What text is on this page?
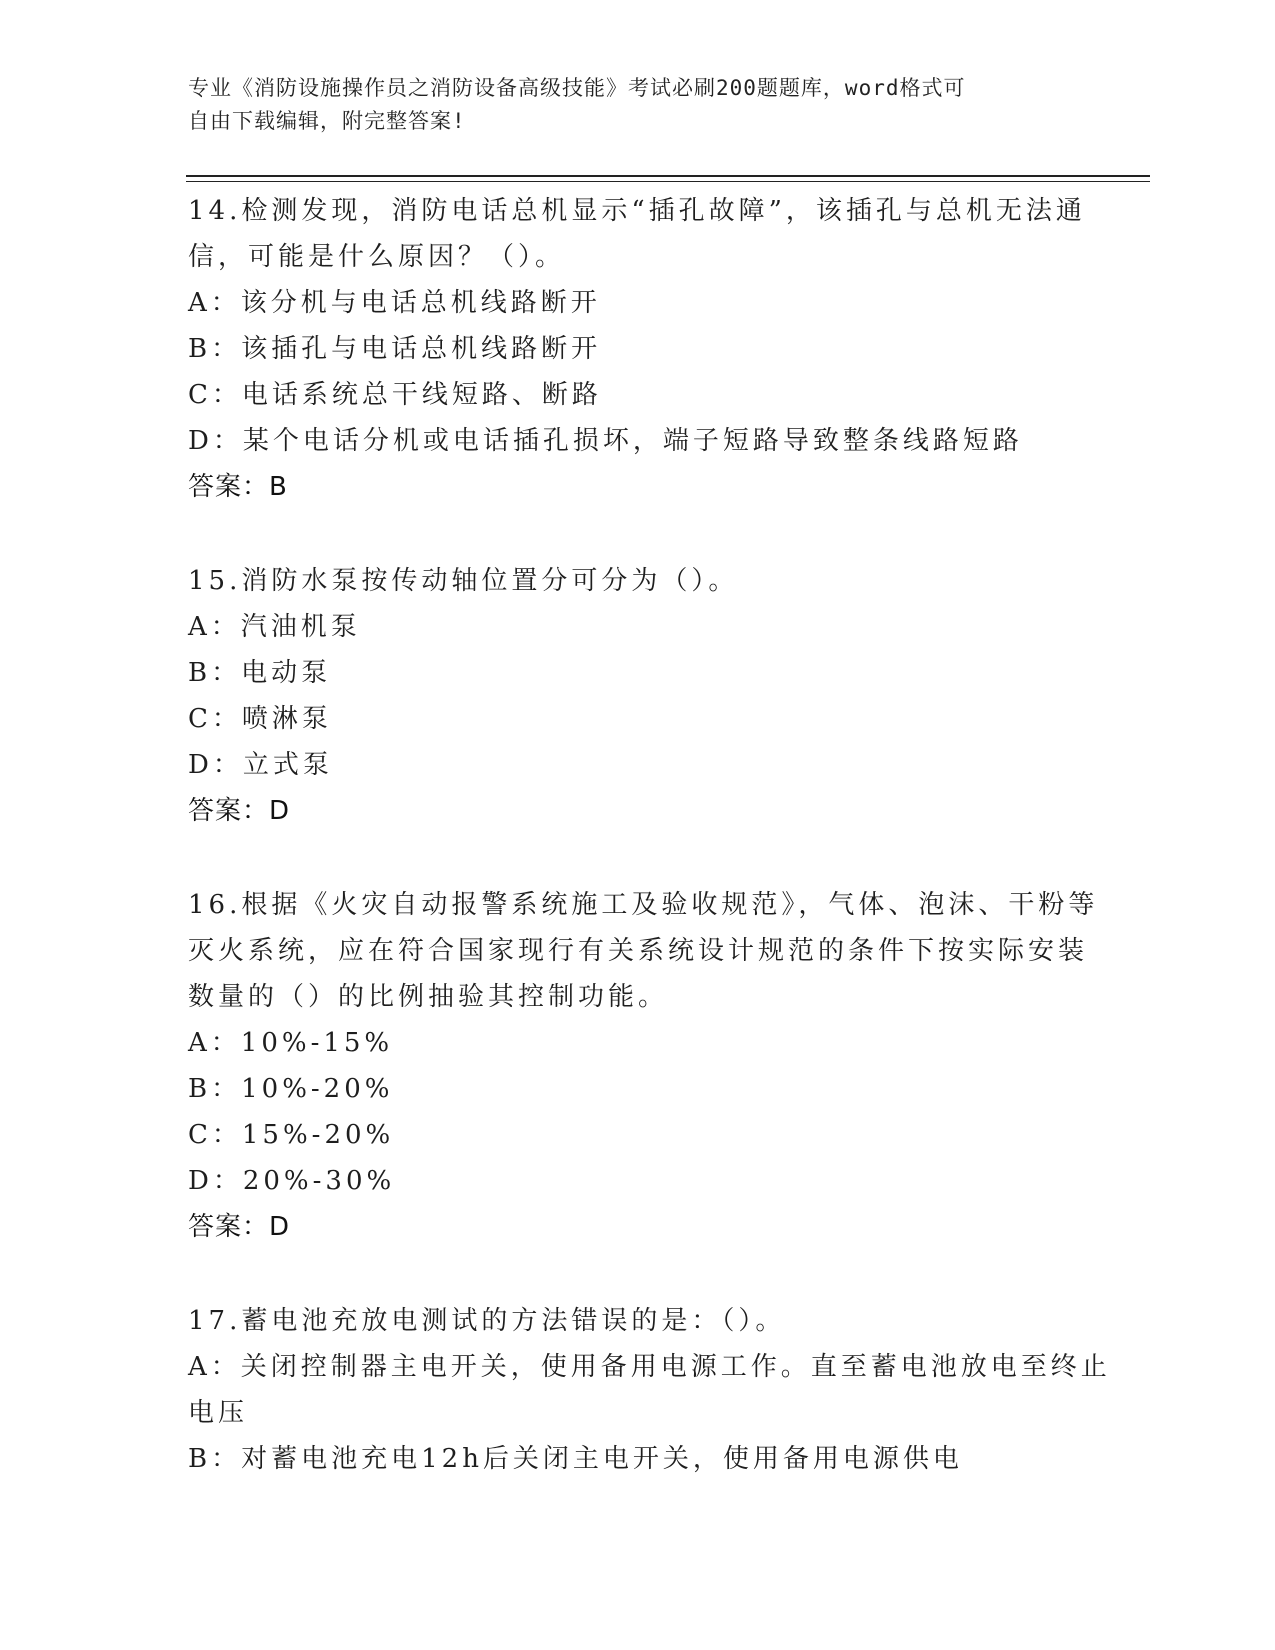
专业《消防设施操作员之消防设备高级技能》考试必刷200题题库，word格式可
自由下载编辑，附完整答案!
14.检测发现，消防电话总机显示“插孔故障”，该插孔与总机无法通
信，可能是什么原因？（）。
A：该分机与电话总机线路断开
B：该插孔与电话总机线路断开
C：电话系统总干线短路、断路
D：某个电话分机或电话插孔损坏，端子短路导致整条线路短路
答案：B
15.消防水泵按传动轴位置分可分为（）。
A：汽油机泵
B：电动泵
C：喷淋泵
D：立式泵
答案：D
16.根据《火灾自动报警系统施工及验收规范》，气体、泡沫、干粉等
灭火系统，应在符合国家现行有关系统设计规范的条件下按实际安装
数量的（）的比例抽验其控制功能。
A：10%-15%
B：10%-20%
C：15%-20%
D：20%-30%
答案：D
17.蓄电池充放电测试的方法错误的是：（）。
A：关闭控制器主电开关，使用备用电源工作。直至蓄电池放电至终止
电压
B：对蓄电池充电12h后关闭主电开关，使用备用电源供电
